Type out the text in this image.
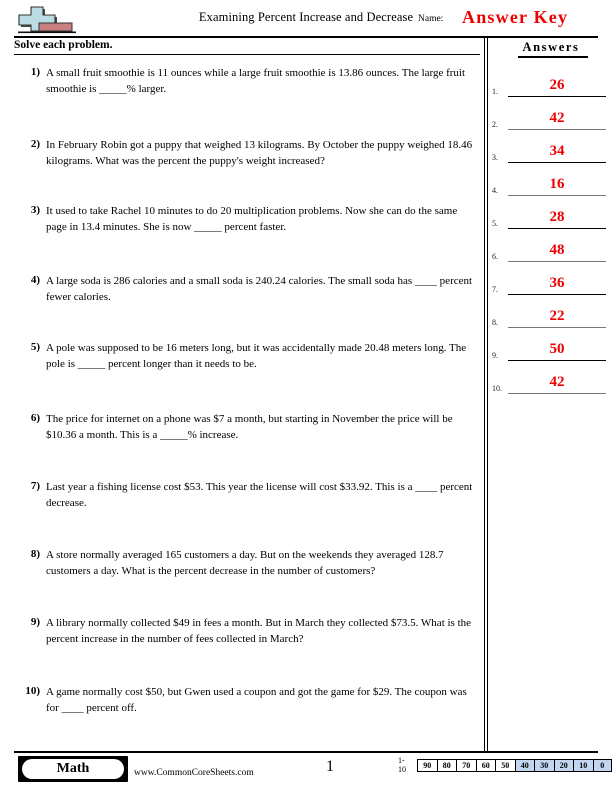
Examining Percent Increase and Decrease Name: Answer Key
Solve each problem.	Answers
1.	26
2.	42
3.	34
4.	16
5.	28
6.	48
7.	36
8.	22
9.	50
10.	42
1) A small fruit smoothie is 11 ounces while a large fruit smoothie is 13.86 ounces. The large fruit smoothie is _____% larger.
2) In February Robin got a puppy that weighed 13 kilograms. By October the puppy weighed 18.46 kilograms. What was the percent the puppy's weight increased?
3) It used to take Rachel 10 minutes to do 20 multiplication problems. Now she can do the same page in 13.4 minutes. She is now _____ percent faster.
4) A large soda is 286 calories and a small soda is 240.24 calories. The small soda has ____ percent fewer calories.
5) A pole was supposed to be 16 meters long, but it was accidentally made 20.48 meters long. The pole is _____ percent longer than it needs to be.
6) The price for internet on a phone was $7 a month, but starting in November the price will be $10.36 a month. This is a _____% increase.
7) Last year a fishing license cost $53. This year the license will cost $33.92. This is a ____ percent decrease.
8) A store normally averaged 165 customers a day. But on the weekends they averaged 128.7 customers a day. What is the percent decrease in the number of customers?
9) A library normally collected $49 in fees a month. But in March they collected $73.5. What is the percent increase in the number of fees collected in March?
10) A game normally cost $50, but Gwen used a coupon and got the game for $29. The coupon was for ____ percent off.
Math	www.CommonCoreSheets.com	1	1-10	90	80	70	60	50	40	30	20	10	0
